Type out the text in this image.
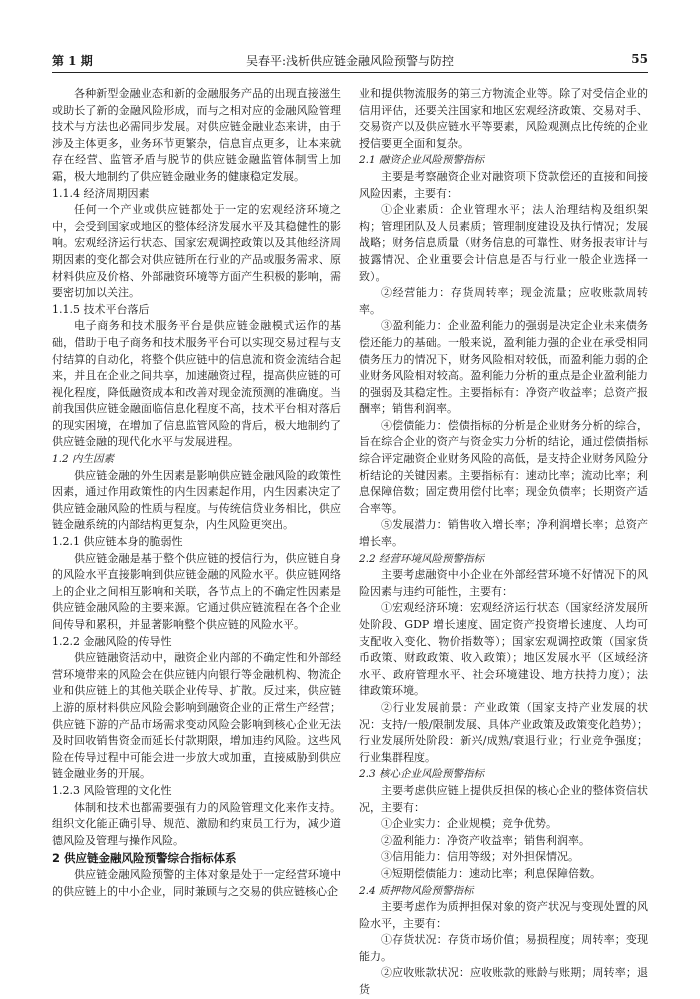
第 1 期	吴春平:浅析供应链金融风险预警与防控	55

各种新型金融业态和新的金融服务产品的出现直接滋生或助长了新的金融风险形成，而与之相对应的金融风险管理技术与方法也必需同步发展。对供应链金融业态来讲，由于涉及主体更多，业务环节更繁杂，信息盲点更多，让本来就存在经营、监管矛盾与脱节的供应链金融监管体制雪上加霜，极大地制约了供应链金融业务的健康稳定发展。

1.1.4 经济周期因素

任何一个产业或供应链都处于一定的宏观经济环境之中，会受到国家或地区的整体经济发展水平及其稳健性的影响。宏观经济运行状态、国家宏观调控政策以及其他经济周期因素的变化都会对供应链所在行业的产品或服务需求、原材料供应及价格、外部融资环境等方面产生积极的影响，需要密切加以关注。

1.1.5 技术平台落后

电子商务和技术服务平台是供应链金融模式运作的基础，借助于电子商务和技术服务平台可以实现交易过程与支付结算的自动化，将整个供应链中的信息流和资金流结合起来，并且在企业之间共享，加速融资过程，提高供应链的可视化程度，降低融资成本和改善对现金流预测的准确度。当前我国供应链金融面临信息化程度不高，技术平台相对落后的现实困境，在增加了信息监管风险的背后，极大地制约了供应链金融的现代化水平与发展进程。

1.2 内生因素

供应链金融的外生因素是影响供应链金融风险的政策性因素，通过作用政策性的内生因素起作用，内生因素决定了供应链金融风险的性质与程度。与传统信贷业务相比，供应链金融系统的内部结构更复杂，内生风险更突出。

1.2.1 供应链本身的脆弱性

供应链金融是基于整个供应链的授信行为，供应链自身的风险水平直接影响到供应链金融的风险水平。供应链网络上的企业之间相互影响和关联，各节点上的不确定性因素是供应链金融风险的主要来源。它通过供应链流程在各个企业间传导和累积，并显著影响整个供应链的风险水平。

1.2.2 金融风险的传导性

供应链融资活动中，融资企业内部的不确定性和外部经营环境带来的风险会在供应链内向银行等金融机构、物流企业和供应链上的其他关联企业传导、扩散。反过来，供应链上游的原材料供应风险会影响到融资企业的正常生产经营；供应链下游的产品市场需求变动风险会影响到核心企业无法及时回收销售资金而延长付款期限，增加违约风险。这些风险在传导过程中可能会进一步放大或加重，直接威胁到供应链金融业务的开展。

1.2.3 风险管理的文化性

体制和技术也都需要强有力的风险管理文化来作支持。组织文化能正确引导、规范、激励和约束员工行为，减少道德风险及管理与操作风险。

2 供应链金融风险预警综合指标体系

供应链金融风险预警的主体对象是处于一定经营环境中的供应链上的中小企业，同时兼顾与之交易的供应链核心企

业和提供物流服务的第三方物流企业等。除了对受信企业的信用评估，还要关注国家和地区宏观经济政策、交易对手、交易资产以及供应链水平等要素，风险观测点比传统的企业授信要更全面和复杂。

2.1 融资企业风险预警指标

主要是考察融资企业对融资项下贷款偿还的直接和间接风险因素，主要有：

①企业素质：企业管理水平；法人治理结构及组织架构；管理团队及人员素质；管理制度建设及执行情况；发展战略；财务信息质量（财务信息的可靠性、财务报表审计与披露情况、企业重要会计信息是否与行业一般企业选择一致）。

②经营能力：存货周转率；现金流量；应收账款周转率。

③盈利能力：企业盈利能力的强弱是决定企业未来债务偿还能力的基础。一般来说，盈利能力强的企业在承受相同债务压力的情况下，财务风险相对较低，而盈利能力弱的企业财务风险相对较高。盈利能力分析的重点是企业盈利能力的强弱及其稳定性。主要指标有：净资产收益率；总资产报酬率；销售利润率。

④偿债能力：偿债指标的分析是企业财务分析的综合，旨在综合企业的资产与资金实力分析的结论，通过偿债指标综合评定融资企业财务风险的高低，是支持企业财务风险分析结论的关键因素。主要指标有：速动比率；流动比率；利息保障倍数；固定费用偿付比率；现金负债率；长期资产适合率等。

⑤发展潜力：销售收入增长率；净利润增长率；总资产增长率。

2.2 经营环境风险预警指标

主要考虑融资中小企业在外部经营环境不好情况下的风险因素与违约可能性，主要有：

①宏观经济环境：宏观经济运行状态（国家经济发展所处阶段、GDP 增长速度、固定资产投资增长速度、人均可支配收入变化、物价指数等）；国家宏观调控政策（国家货币政策、财政政策、收入政策）；地区发展水平（区域经济水平、政府管理水平、社会环境建设、地方扶持力度）；法律政策环境。

②行业发展前景：产业政策（国家支持产业发展的状况：支持/一般/限制发展、具体产业政策及政策变化趋势）；行业发展所处阶段：新兴/成熟/衰退行业；行业竞争强度；行业集群程度。

2.3 核心企业风险预警指标

主要考虑供应链上提供反担保的核心企业的整体资信状况，主要有：

①企业实力：企业规模；竞争优势。

②盈利能力：净资产收益率；销售利润率。

③信用能力：信用等级；对外担保情况。

④短期偿债能力：速动比率；利息保障倍数。

2.4 质押物风险预警指标

主要考虑作为质押担保对象的资产状况与变现处置的风险水平，主要有：

①存货状况：存货市场价值；易损程度；周转率；变现能力。

②应收账款状况：应收账款的账龄与账期；周转率；退货
